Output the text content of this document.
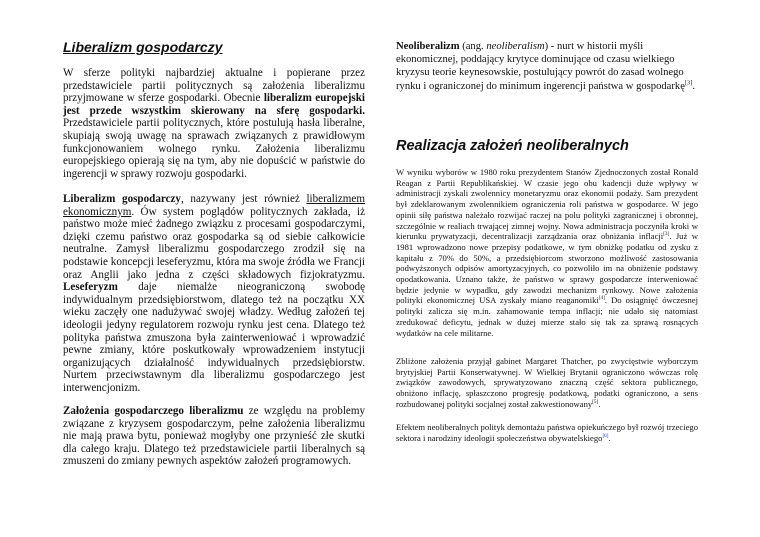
Liberalizm gospodarczy

W sferze polityki najbardziej aktualne i popierane przez przedstawiciele partii politycznych są założenia liberalizmu przyjmowane w sferze gospodarki. Obecnie liberalizm europejski jest przede wszystkim skierowany na sferę gospodarki. Przedstawiciele partii politycznych, które postulują hasła liberalne, skupiają swoją uwagę na sprawach związanych z prawidłowym funkcjonowaniem wolnego rynku. Założenia liberalizmu europejskiego opierają się na tym, aby nie dopuścić w państwie do ingerencji w sprawy rozwoju gospodarki.

Liberalizm gospodarczy, nazywany jest również liberalizmem ekonomicznym. Ów system poglądów politycznych zakłada, iż państwo może mieć żadnego związku z procesami gospodarczymi, dzięki czemu państwo oraz gospodarka są od siebie całkowicie neutralne. Zamysł liberalizmu gospodarczego zrodził się na podstawie koncepcji leseferyzmu, która ma swoje źródła we Francji oraz Anglii jako jedna z części składowych fizjokratyzmu. Leseferyzm daje niemalże nieograniczoną swobodę indywidualnym przedsiębiorstwom, dlatego też na początku XX wieku zaczęły one nadużywać swojej władzy. Według założeń tej ideologii jedyny regulatorem rozwoju rynku jest cena. Dlatego też polityka państwa zmuszona była zainterweniować i wprowadzić pewne zmiany, które poskutkowały wprowadzeniem instytucji organizujących działalność indywidualnych przedsiębiorstw. Nurtem przeciwstawnym dla liberalizmu gospodarczego jest interwencjonizm.

Założenia gospodarczego liberalizmu ze względu na problemy związane z kryzysem gospodarczym, pełne założenia liberalizmu nie mają prawa bytu, ponieważ mogłyby one przynieść złe skutki dla całego kraju. Dlatego też przedstawiciele partii liberalnych są zmuszeni do zmiany pewnych aspektów założeń programowych.

Neoliberalizm (ang. neoliberalism) - nurt w historii myśli ekonomicznej, poddający krytyce dominujące od czasu wielkiego kryzysu teorie keynesowskie, postulujący powrót do zasad wolnego rynku i ograniczonej do minimum ingerencji państwa w gospodarkę[3].

Realizacja założeń neoliberalnych

W wyniku wyborów w 1980 roku prezydentem Stanów Zjednoczonych został Ronald Reagan z Partii Republikańskiej. W czasie jego obu kadencji duże wpływy w administracji zyskali zwolennicy monetaryzmu oraz ekonomii podaży. Sam prezydent był zdeklarowanym zwolennikiem ograniczenia roli państwa w gospodarce. W jego opinii siłę państwa należało rozwijać raczej na polu polityki zagranicznej i obronnej, szczególnie w realiach trwającej zimnej wojny. Nowa administracja poczyniła kroki w kierunku prywatyzacji, decentralizacji zarządzania oraz obniżania inflacji[3]. Już w 1981 wprowadzono nowe przepisy podatkowe, w tym obniżkę podatku od zysku z kapitału z 70% do 50%, a przedsiębiorcom stworzono możliwość zastosowania podwyższonych odpisów amortyzacyjnych, co pozwoliło im na obniżenie podstawy opodatkowania. Uznano także, że państwo w sprawy gospodarcze interweniować będzie jedynie w wypadku, gdy zawodzi mechanizm rynkowy. Nowe założenia polityki ekonomicznej USA zyskały miano reaganomiki[4]. Do osiągnięć ówczesnej polityki zalicza się m.in. zahamowanie tempa inflacji; nie udało się natomiast zredukować deficytu, jednak w dużej mierze stało się tak za sprawą rosnących wydatków na cele militarne.

Zbliżone założenia przyjął gabinet Margaret Thatcher, po zwycięstwie wyborczym brytyjskiej Partii Konserwatywnej. W Wielkiej Brytanii ograniczono wówczas rolę związków zawodowych, sprywatyzowano znaczną część sektora publicznego, obniżono inflację, spłaszczono progresję podatkową, podatki ograniczono, a sens rozbudowanej polityki socjalnej został zakwestionowany[5].

Efektem neoliberalnych polityk demontażu państwa opiekuńczego był rozwój trzeciego sektora i narodziny ideologii społeczeństwa obywatelskiego[6].
